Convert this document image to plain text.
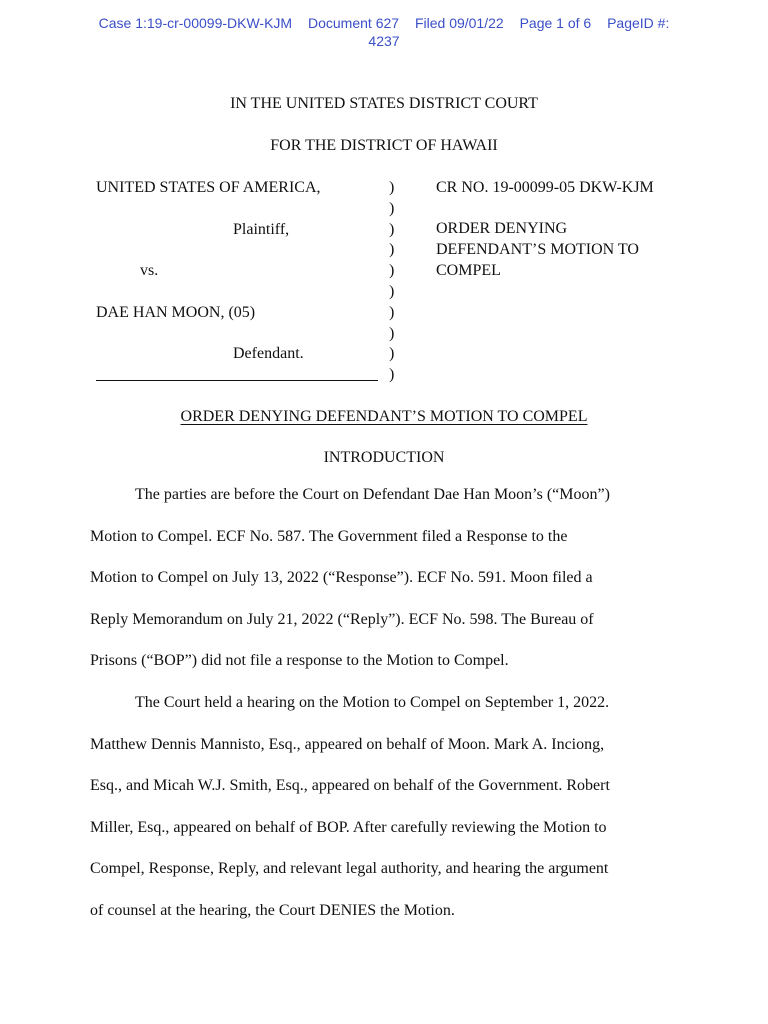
Case 1:19-cr-00099-DKW-KJM Document 627 Filed 09/01/22 Page 1 of 6 PageID #:
4237
IN THE UNITED STATES DISTRICT COURT
FOR THE DISTRICT OF HAWAII
UNITED STATES OF AMERICA,
Plaintiff,
vs.
DAE HAN MOON, (05)
Defendant.
)
)
)
)
)
)
)
)
)
)
CR NO. 19-00099-05 DKW-KJM
ORDER DENYING
DEFENDANT’S MOTION TO
COMPEL
ORDER DENYING DEFENDANT’S MOTION TO COMPEL
INTRODUCTION
The parties are before the Court on Defendant Dae Han Moon’s (“Moon”)
Motion to Compel. ECF No. 587. The Government filed a Response to the
Motion to Compel on July 13, 2022 (“Response”). ECF No. 591. Moon filed a
Reply Memorandum on July 21, 2022 (“Reply”). ECF No. 598. The Bureau of
Prisons (“BOP”) did not file a response to the Motion to Compel.
The Court held a hearing on the Motion to Compel on September 1, 2022.
Matthew Dennis Mannisto, Esq., appeared on behalf of Moon. Mark A. Inciong,
Esq., and Micah W.J. Smith, Esq., appeared on behalf of the Government. Robert
Miller, Esq., appeared on behalf of BOP. After carefully reviewing the Motion to
Compel, Response, Reply, and relevant legal authority, and hearing the argument
of counsel at the hearing, the Court DENIES the Motion.
